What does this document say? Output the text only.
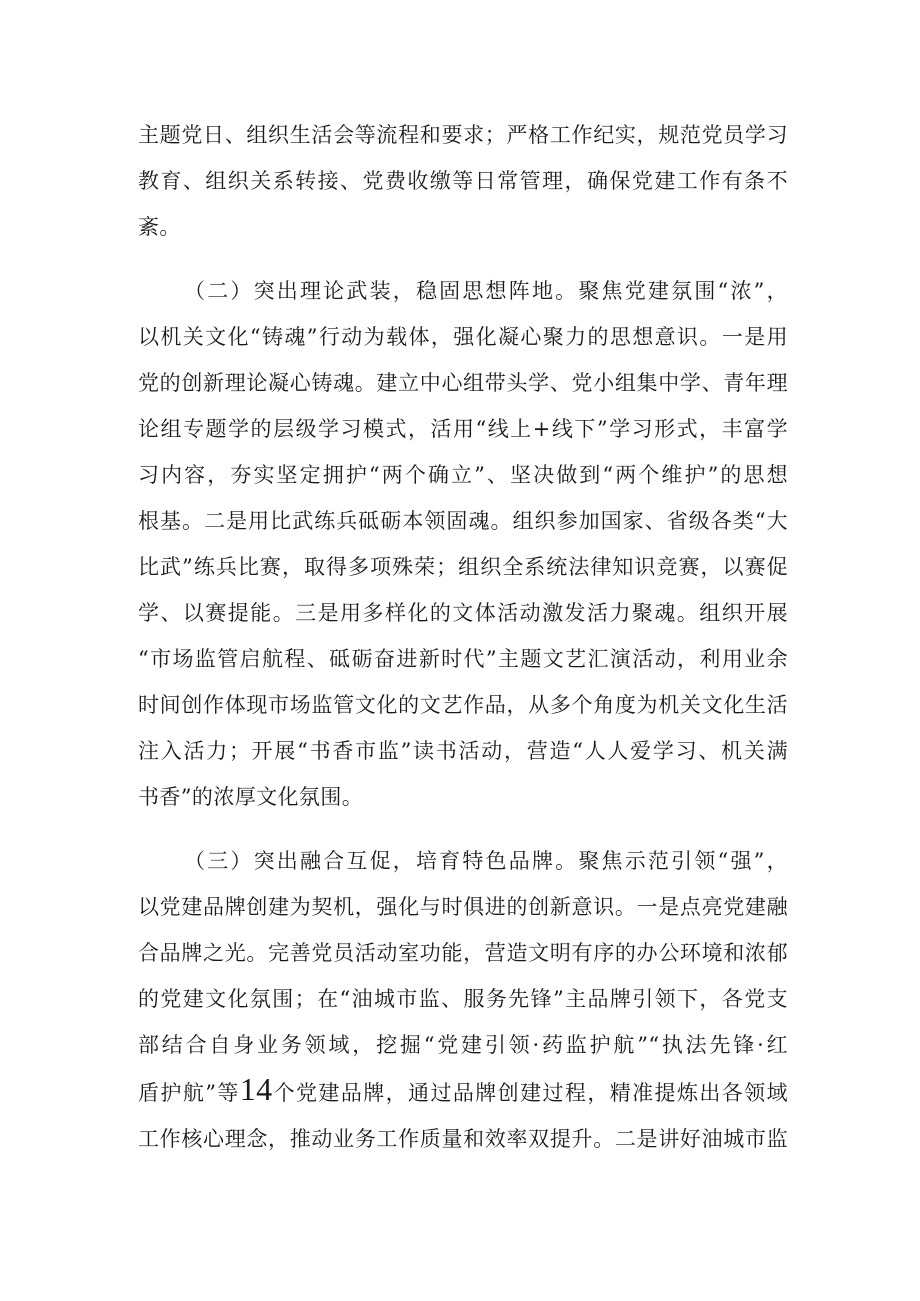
主题党日、组织生活会等流程和要求；严格工作纪实，规范党员学习
教育、组织关系转接、党费收缴等日常管理，确保党建工作有条不
紊。
（二）突出理论武装，稳固思想阵地。聚焦党建氛围“浓”，
以机关文化“铸魂”行动为载体，强化凝心聚力的思想意识。一是用
党的创新理论凝心铸魂。建立中心组带头学、党小组集中学、青年理
论组专题学的层级学习模式，活用“线上+线下”学习形式，丰富学
习内容，夯实坚定拥护“两个确立”、坚决做到“两个维护”的思想
根基。二是用比武练兵砥砺本领固魂。组织参加国家、省级各类“大
比武”练兵比赛，取得多项殊荣；组织全系统法律知识竞赛，以赛促
学、以赛提能。三是用多样化的文体活动激发活力聚魂。组织开展
“市场监管启航程、砥砺奋进新时代”主题文艺汇演活动，利用业余
时间创作体现市场监管文化的文艺作品，从多个角度为机关文化生活
注入活力；开展“书香市监”读书活动，营造“人人爱学习、机关满
书香”的浓厚文化氛围。
（三）突出融合互促，培育特色品牌。聚焦示范引领“强”，
以党建品牌创建为契机，强化与时俱进的创新意识。一是点亮党建融
合品牌之光。完善党员活动室功能，营造文明有序的办公环境和浓郁
的党建文化氛围；在“油城市监、服务先锋”主品牌引领下，各党支
部结合自身业务领域，挖掘“党建引领·药监护航”“执法先锋·红
盾护航”等14个党建品牌，通过品牌创建过程，精准提炼出各领域
工作核心理念，推动业务工作质量和效率双提升。二是讲好油城市监
